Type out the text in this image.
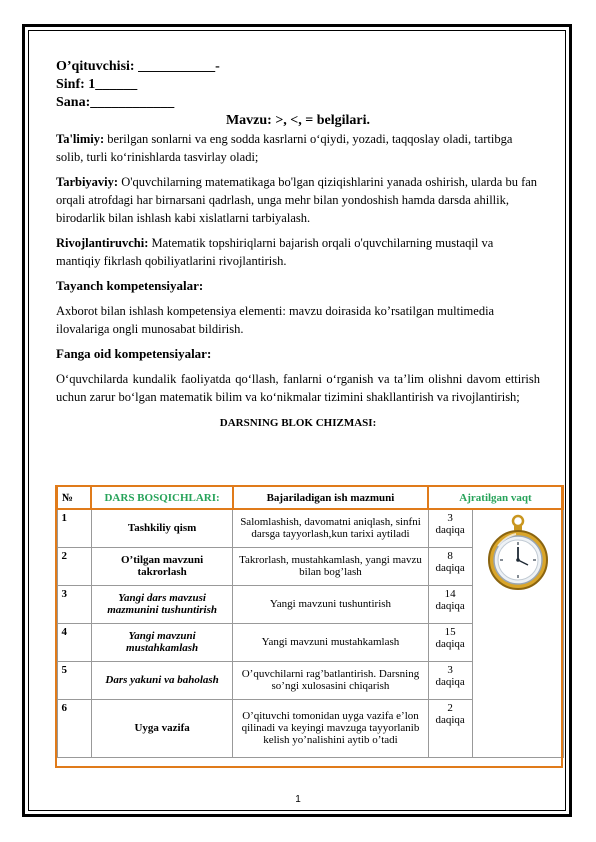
O’qituvchisi: ___________-
Sinf: 1______
Sana:____________
Mavzu: >, <, = belgilari.

Ta'limiy: berilgan sonlarni va eng sodda kasrlarni o‘qiydi, yozadi, taqqoslay oladi, tartibga solib, turli ko‘rinishlarda tasvirlay oladi;

Tarbiyaviy: O'quvchilarning matematikaga bo'lgan qiziqishlarini yanada oshirish, ularda bu fan orqali atrofdagi har birnarsani qadrlash, unga mehr bilan yondoshish hamda darsda ahillik, birodarlik bilan ishlash kabi xislatlarni tarbiyalash.

Rivojlantiruvchi: Matematik topshiriqlarni bajarish orqali o'quvchilarning mustaqil va mantiqiy fikrlash qobiliyatlarini rivojlantirish.

Tayanch kompetensiyalar:

Axborot bilan ishlash kompetensiya elementi: mavzu doirasida ko’rsatilgan multimedia ilovalariga ongli munosabat bildirish.

Fanga oid kompetensiyalar:

O‘quvchilarda kundalik faoliyatda qo‘llash, fanlarni o‘rganish va ta’lim olishni davom ettirish uchun zarur bo‘lgan matematik bilim va ko‘nikmalar tizimini shakllantirish va rivojlantirish;

DARSNING BLOK CHIZMASI:
№	DARS BOSQICHLARI:	Bajariladigan ish mazmuni	Ajratilgan vaqt	
1	Tashkiliy qism	Salomlashish, davomatni aniqlash, sinfni darsga tayyorlash,kun tarixi aytiladi	3
daqiqa	
2	O’tilgan mavzuni takrorlash	Takrorlash, mustahkamlash, yangi mavzu bilan bog’lash	8
daqiqa	
3	Yangi dars mavzusi mazmunini tushuntirish	Yangi mavzuni tushuntirish	14
daqiqa	
4	Yangi mavzuni mustahkamlash	Yangi mavzuni mustahkamlash	15
daqiqa	
5	Dars yakuni va baholash	O’quvchilarni rag’batlantirish. Darsning so’ngi xulosasini chiqarish	3
daqiqa	
6	Uyga vazifa	O’qituvchi tomonidan uyga vazifa e’lon qilinadi va keyingi mavzuga tayyorlanib kelish yo’nalishini aytib o’tadi	2
daqiqa	
1
